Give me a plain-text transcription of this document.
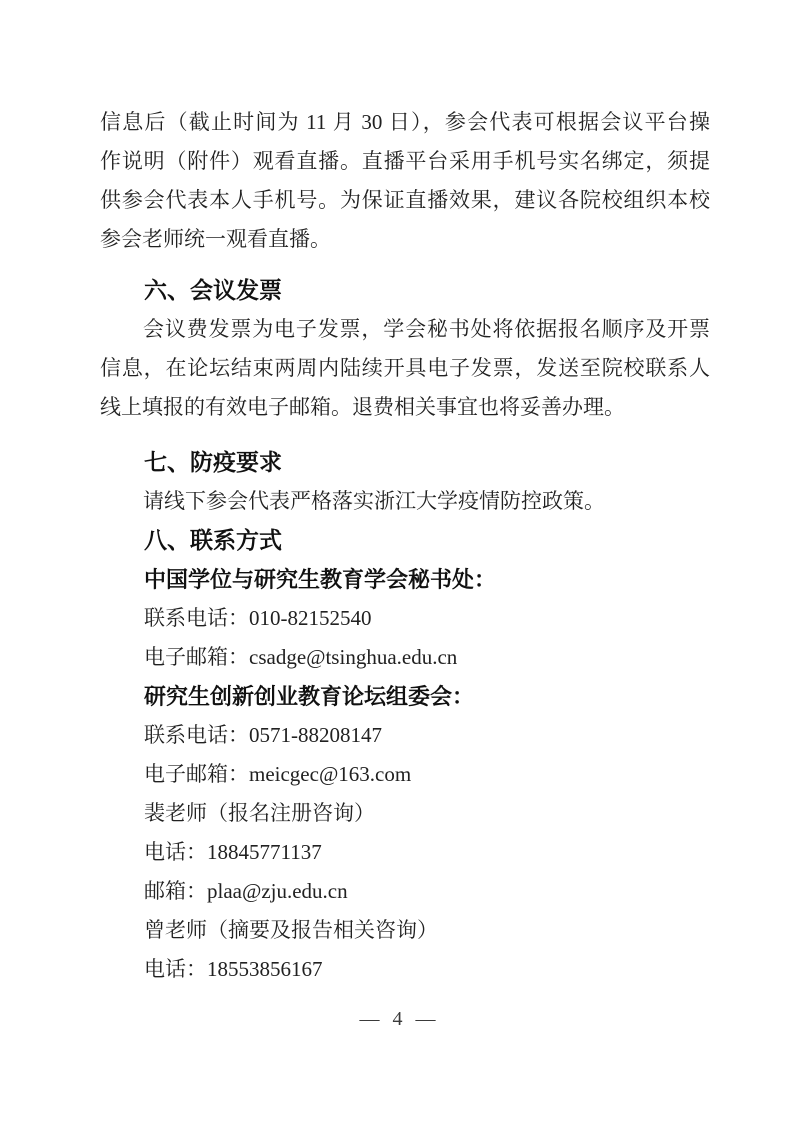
信息后（截止时间为 11 月 30 日），参会代表可根据会议平台操
作说明（附件）观看直播。直播平台采用手机号实名绑定，须提
供参会代表本人手机号。为保证直播效果，建议各院校组织本校
参会老师统一观看直播。
六、会议发票
会议费发票为电子发票，学会秘书处将依据报名顺序及开票
信息，在论坛结束两周内陆续开具电子发票，发送至院校联系人
线上填报的有效电子邮箱。退费相关事宜也将妥善办理。
七、防疫要求
请线下参会代表严格落实浙江大学疫情防控政策。
八、联系方式
中国学位与研究生教育学会秘书处：
联系电话：010-82152540
电子邮箱：csadge@tsinghua.edu.cn
研究生创新创业教育论坛组委会：
联系电话：0571-88208147
电子邮箱：meicgec@163.com
裴老师（报名注册咨询）
电话：18845771137
邮箱：plaa@zju.edu.cn
曾老师（摘要及报告相关咨询）
电话：18553856167
— 4 —
